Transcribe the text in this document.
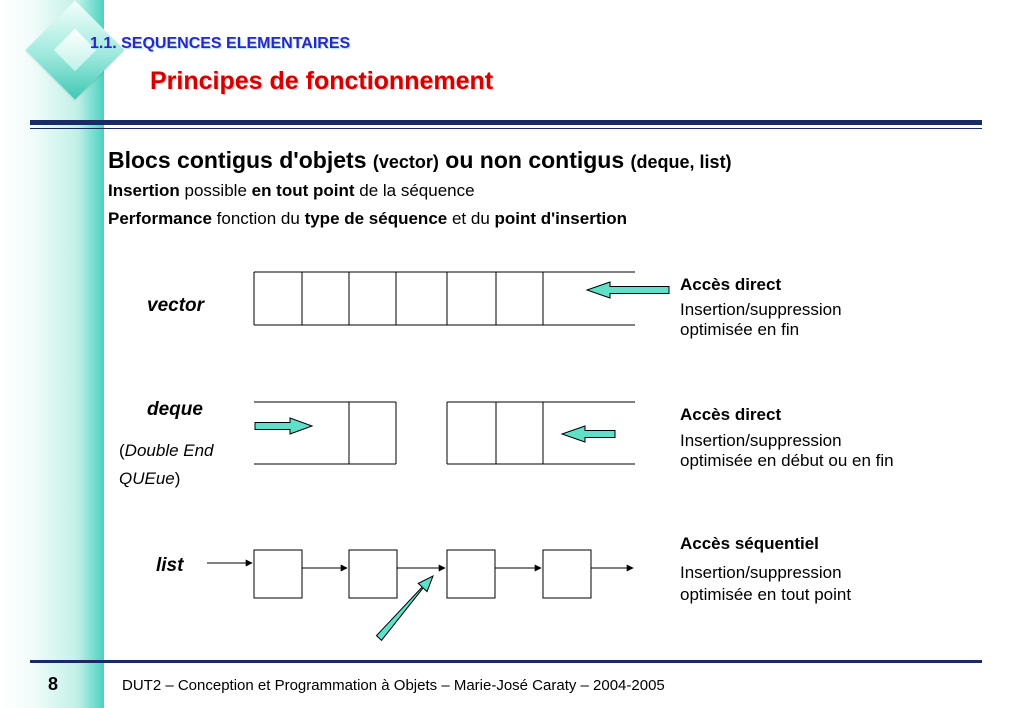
1.1. SEQUENCES ELEMENTAIRES
Principes de fonctionnement
Blocs contigus d'objets (vector) ou non contigus (deque, list)
Insertion possible en tout point de la séquence
Performance fonction du type de séquence et du point d'insertion
vector
Accès direct
Insertion/suppression
optimisée en fin
deque
(Double End
QUEue)
Accès direct
Insertion/suppression
optimisée en début ou en fin
list
Accès séquentiel
Insertion/suppression
optimisée en tout point
8	DUT2 – Conception et Programmation à Objets – Marie-José Caraty – 2004-2005
